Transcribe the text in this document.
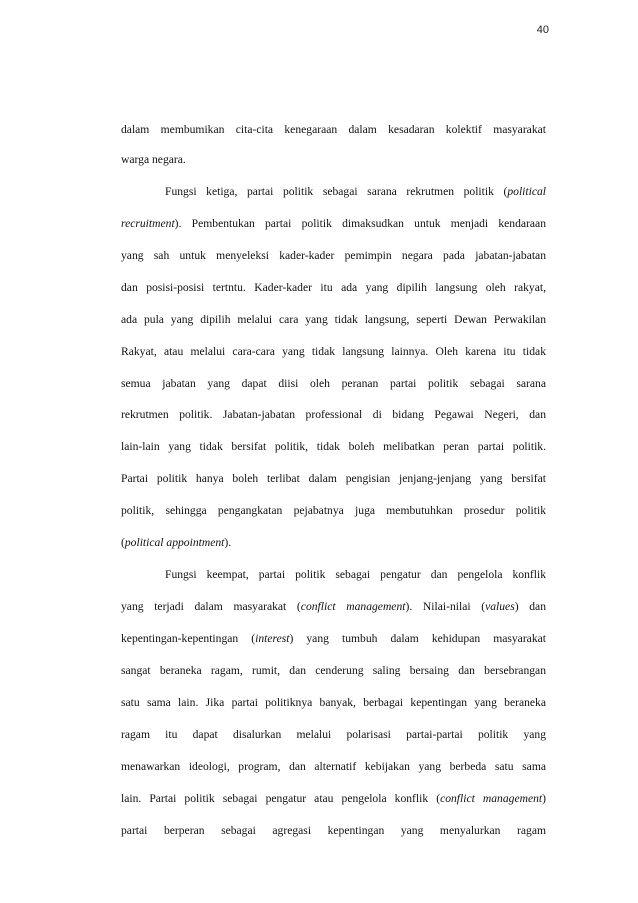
40
dalam membumikan cita-cita kenegaraan dalam kesadaran kolektif masyarakat
warga negara.
Fungsi ketiga, partai politik sebagai sarana rekrutmen politik (political
recruitment). Pembentukan partai politik dimaksudkan untuk menjadi kendaraan
yang sah untuk menyeleksi kader-kader pemimpin negara pada jabatan-jabatan
dan posisi-posisi tertntu. Kader-kader itu ada yang dipilih langsung oleh rakyat,
ada pula yang dipilih melalui cara yang tidak langsung, seperti Dewan Perwakilan
Rakyat, atau melalui cara-cara yang tidak langsung lainnya. Oleh karena itu tidak
semua jabatan yang dapat diisi oleh peranan partai politik sebagai sarana
rekrutmen politik. Jabatan-jabatan professional di bidang Pegawai Negeri, dan
lain-lain yang tidak bersifat politik, tidak boleh melibatkan peran partai politik.
Partai politik hanya boleh terlibat dalam pengisian jenjang-jenjang yang bersifat
politik, sehingga pengangkatan pejabatnya juga membutuhkan prosedur politik
(political appointment).
Fungsi keempat, partai politik sebagai pengatur dan pengelola konflik
yang terjadi dalam masyarakat (conflict management). Nilai-nilai (values) dan
kepentingan-kepentingan (interest) yang tumbuh dalam kehidupan masyarakat
sangat beraneka ragam, rumit, dan cenderung saling bersaing dan bersebrangan
satu sama lain. Jika partai politiknya banyak, berbagai kepentingan yang beraneka
ragam itu dapat disalurkan melalui polarisasi partai-partai politik yang
menawarkan ideologi, program, dan alternatif kebijakan yang berbeda satu sama
lain. Partai politik sebagai pengatur atau pengelola konflik (conflict management)
partai berperan sebagai agregasi kepentingan yang menyalurkan ragam
